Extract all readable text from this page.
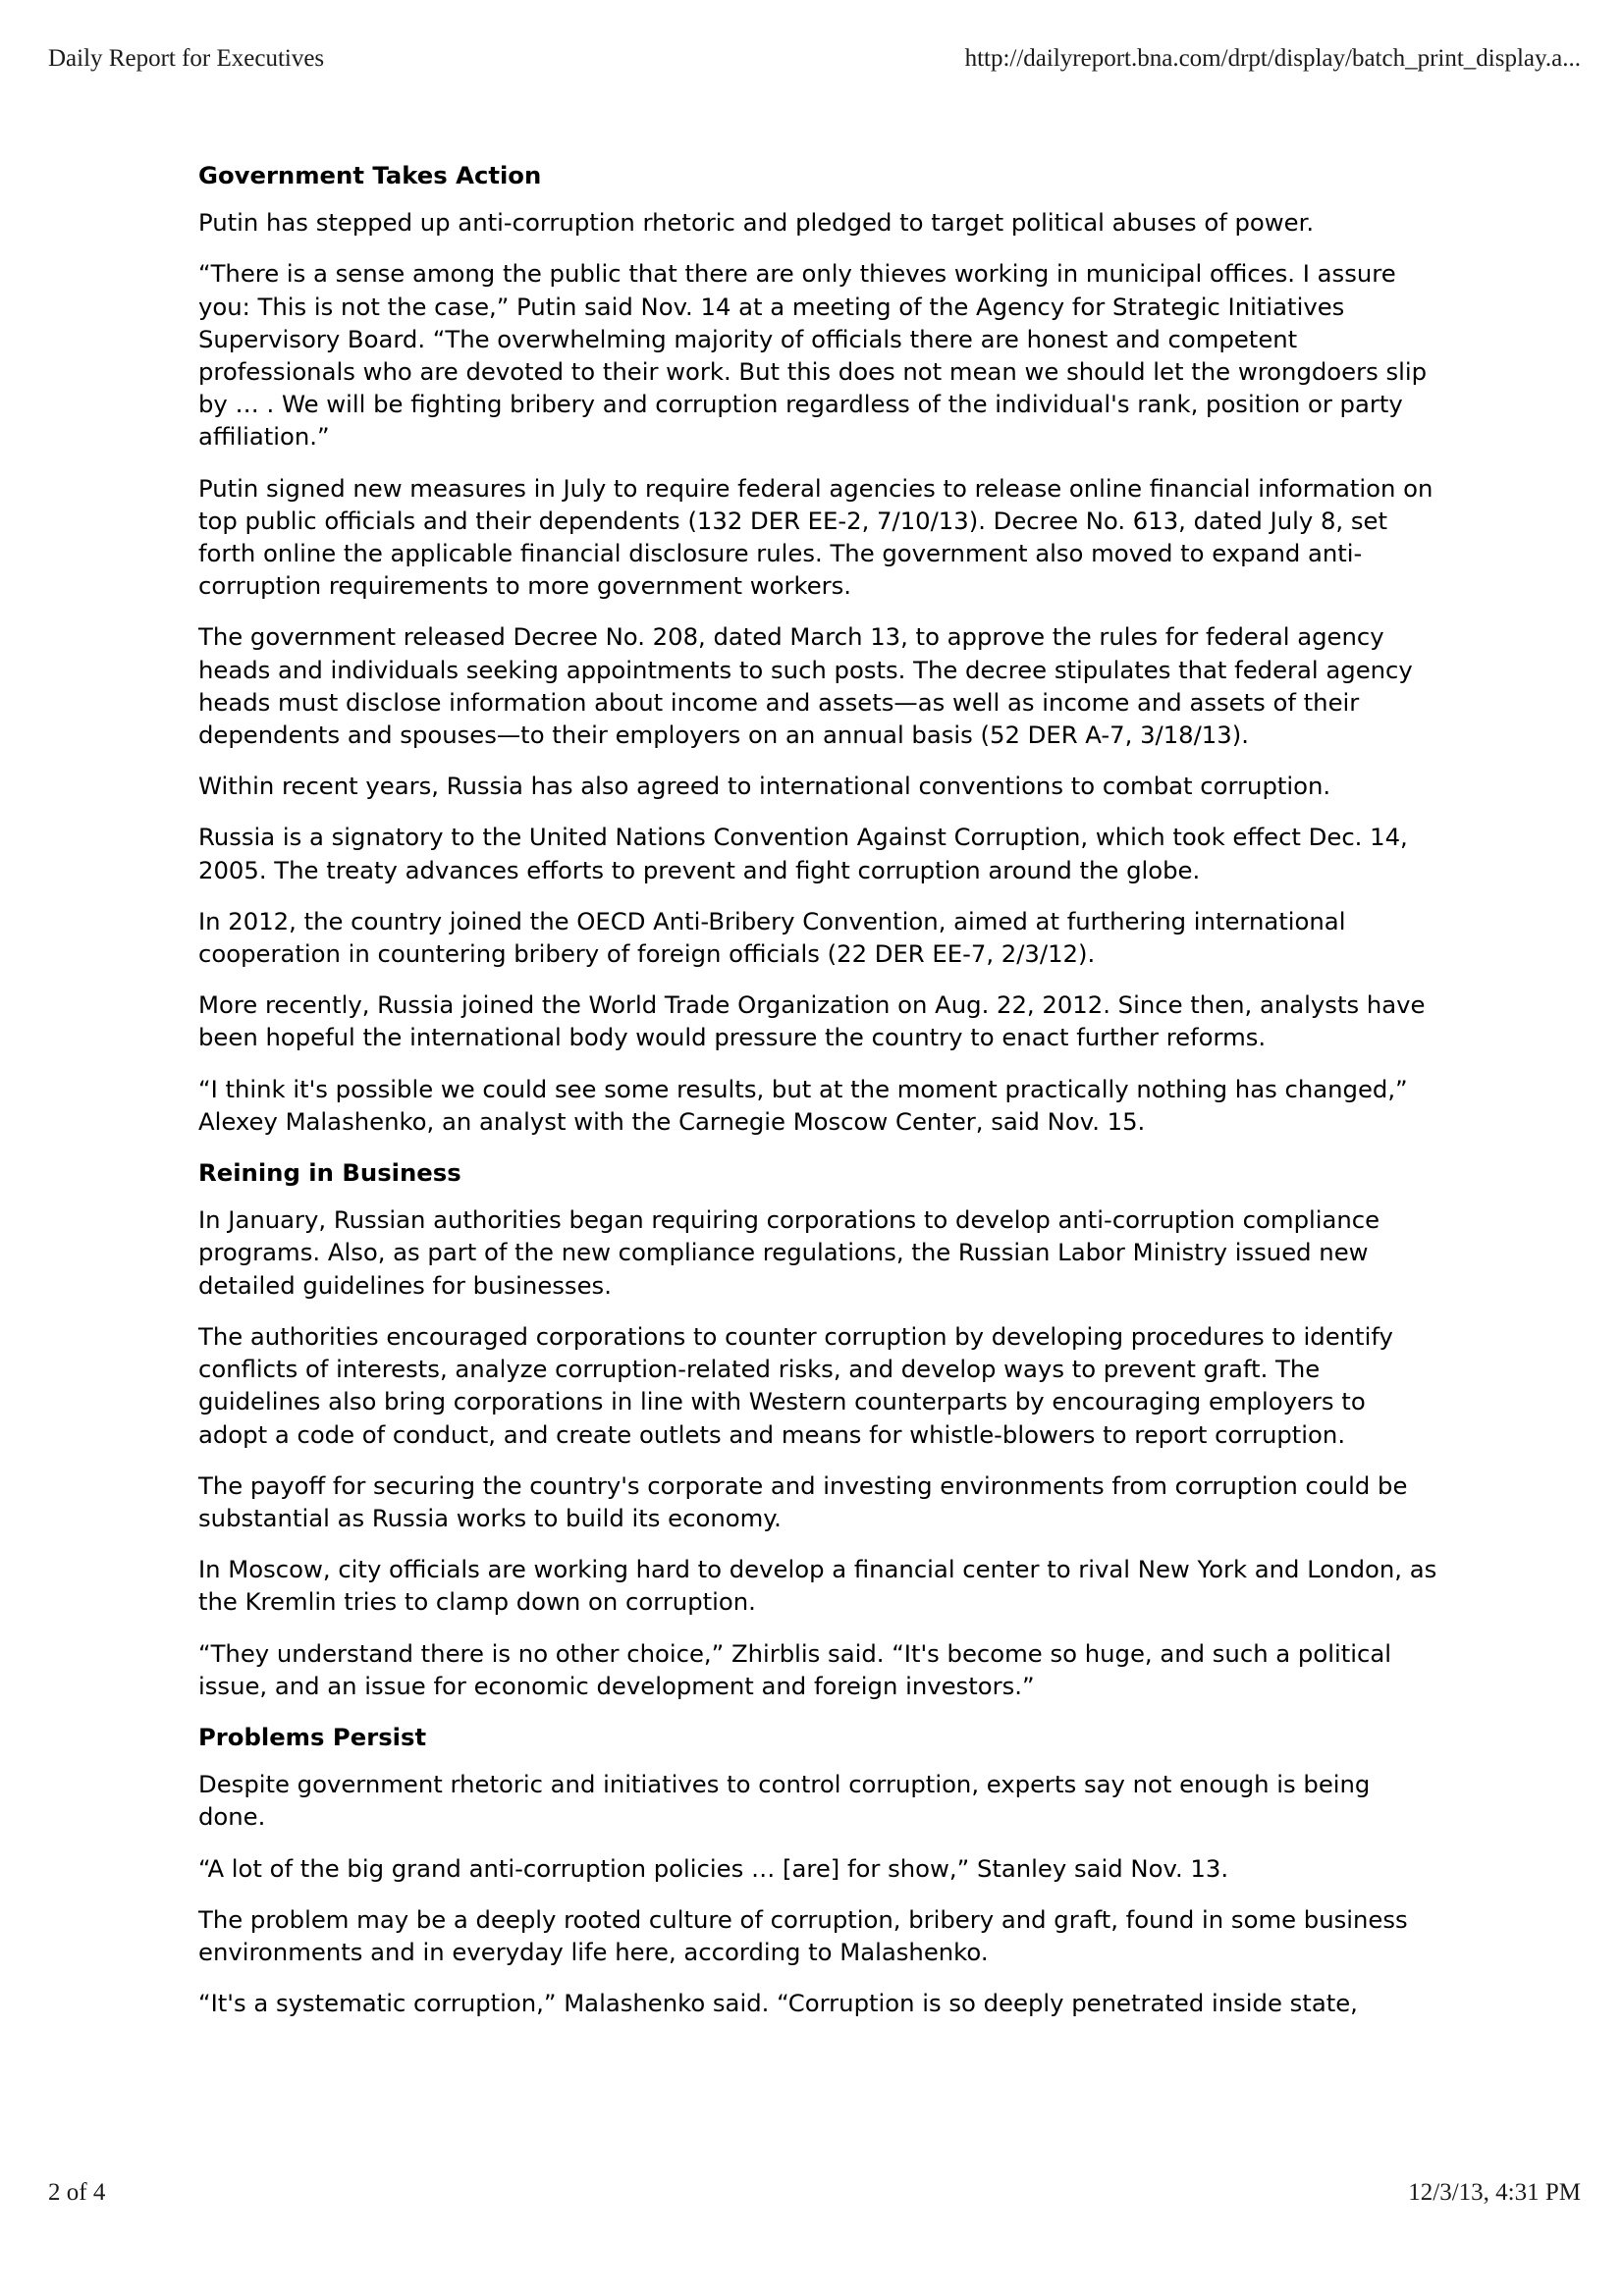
Daily Report for Executives	http://dailyreport.bna.com/drpt/display/batch_print_display.a...
Government Takes Action

Putin has stepped up anti-corruption rhetoric and pledged to target political abuses of power.

“There is a sense among the public that there are only thieves working in municipal offices. I assure you: This is not the case,” Putin said Nov. 14 at a meeting of the Agency for Strategic Initiatives Supervisory Board. “The overwhelming majority of officials there are honest and competent professionals who are devoted to their work. But this does not mean we should let the wrongdoers slip by … . We will be fighting bribery and corruption regardless of the individual's rank, position or party affiliation.”

Putin signed new measures in July to require federal agencies to release online financial information on top public officials and their dependents (132 DER EE-2, 7/10/13). Decree No. 613, dated July 8, set forth online the applicable financial disclosure rules. The government also moved to expand anti-corruption requirements to more government workers.

The government released Decree No. 208, dated March 13, to approve the rules for federal agency heads and individuals seeking appointments to such posts. The decree stipulates that federal agency heads must disclose information about income and assets—as well as income and assets of their dependents and spouses—to their employers on an annual basis (52 DER A-7, 3/18/13).

Within recent years, Russia has also agreed to international conventions to combat corruption.

Russia is a signatory to the United Nations Convention Against Corruption, which took effect Dec. 14, 2005. The treaty advances efforts to prevent and fight corruption around the globe.

In 2012, the country joined the OECD Anti-Bribery Convention, aimed at furthering international cooperation in countering bribery of foreign officials (22 DER EE-7, 2/3/12).

More recently, Russia joined the World Trade Organization on Aug. 22, 2012. Since then, analysts have been hopeful the international body would pressure the country to enact further reforms.

“I think it's possible we could see some results, but at the moment practically nothing has changed,” Alexey Malashenko, an analyst with the Carnegie Moscow Center, said Nov. 15.

Reining in Business

In January, Russian authorities began requiring corporations to develop anti-corruption compliance programs. Also, as part of the new compliance regulations, the Russian Labor Ministry issued new detailed guidelines for businesses.

The authorities encouraged corporations to counter corruption by developing procedures to identify conflicts of interests, analyze corruption-related risks, and develop ways to prevent graft. The guidelines also bring corporations in line with Western counterparts by encouraging employers to adopt a code of conduct, and create outlets and means for whistle-blowers to report corruption.

The payoff for securing the country's corporate and investing environments from corruption could be substantial as Russia works to build its economy.

In Moscow, city officials are working hard to develop a financial center to rival New York and London, as the Kremlin tries to clamp down on corruption.

“They understand there is no other choice,” Zhirblis said. “It's become so huge, and such a political issue, and an issue for economic development and foreign investors.”

Problems Persist

Despite government rhetoric and initiatives to control corruption, experts say not enough is being done.

“A lot of the big grand anti-corruption policies … [are] for show,” Stanley said Nov. 13.

The problem may be a deeply rooted culture of corruption, bribery and graft, found in some business environments and in everyday life here, according to Malashenko.

“It's a systematic corruption,” Malashenko said. “Corruption is so deeply penetrated inside state,

2 of 4	12/3/13, 4:31 PM
